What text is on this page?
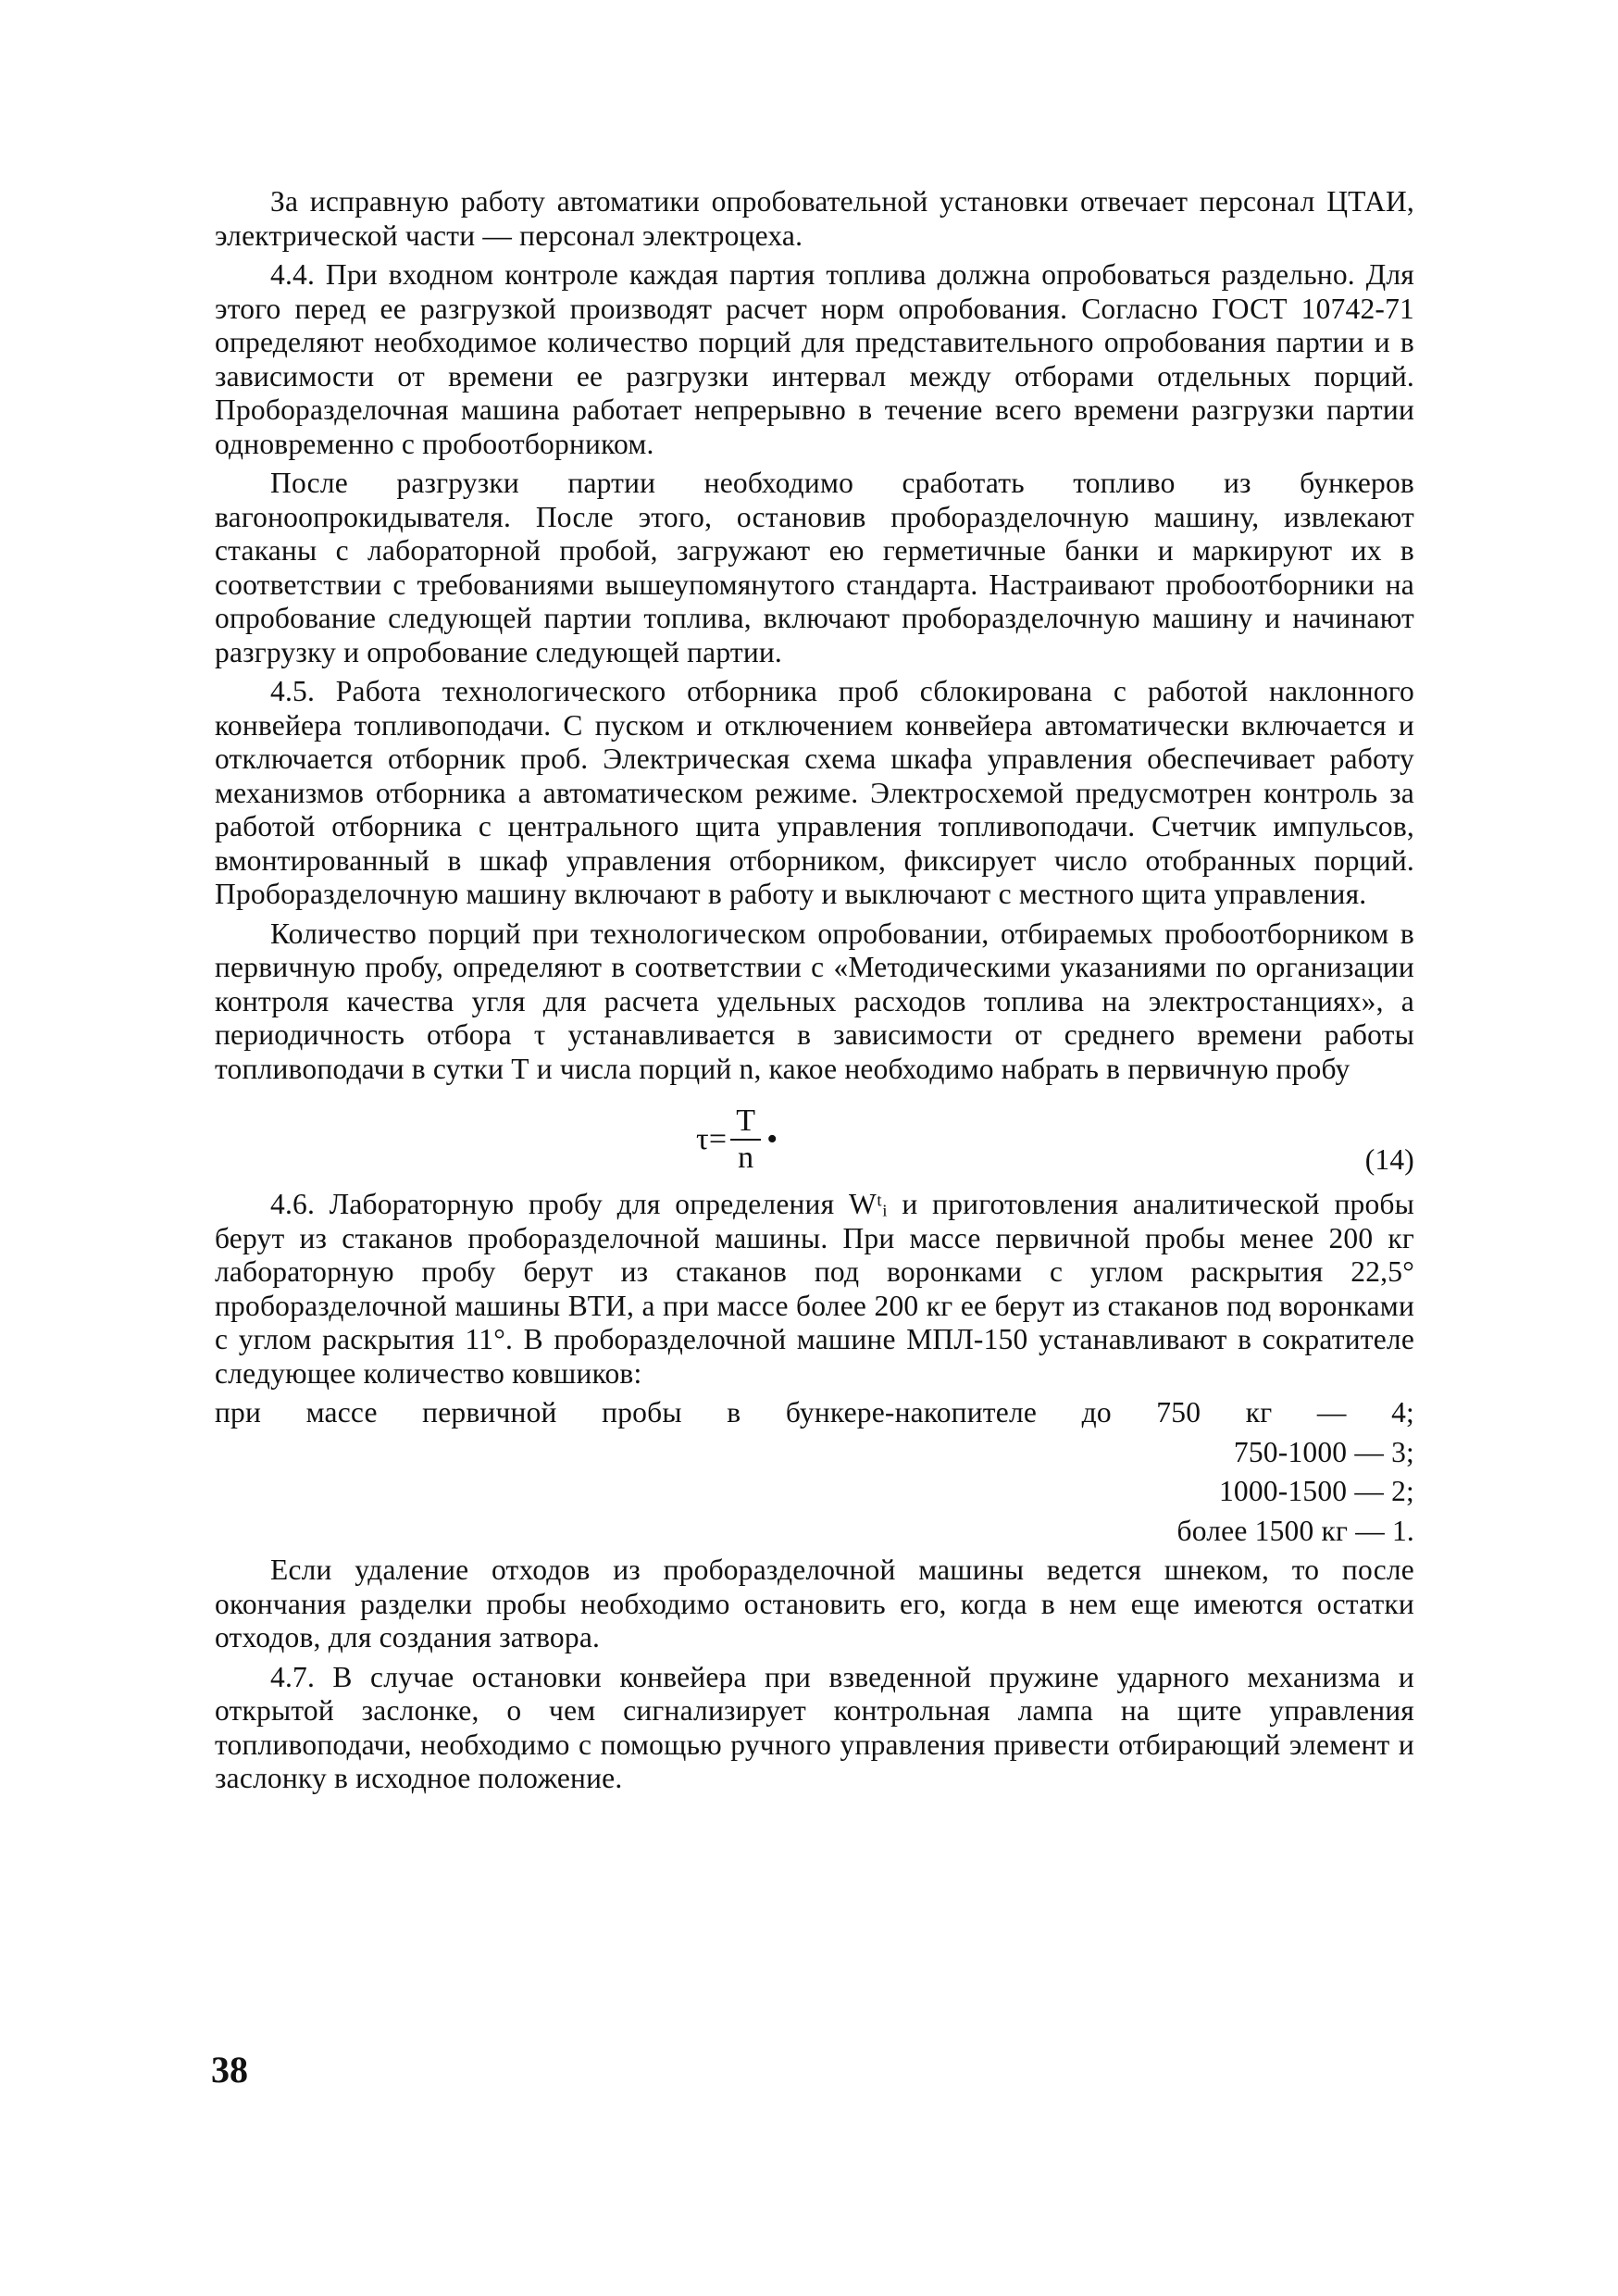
За исправную работу автоматики опробовательной установки отвечает персонал ЦТАИ, электрической части — персонал электроцеха.

4.4. При входном контроле каждая партия топлива должна опробоваться раздельно. Для этого перед ее разгрузкой производят расчет норм опробования. Согласно ГОСТ 10742-71 определяют необходимое количество порций для представительного опробования партии и в зависимости от времени ее разгрузки интервал между отборами отдельных порций. Проборазделочная машина работает непрерывно в течение всего времени разгрузки партии одновременно с пробоотборником.

После разгрузки партии необходимо сработать топливо из бункеров вагоноопрокидывателя. После этого, остановив проборазделочную машину, извлекают стаканы с лабораторной пробой, загружают ею герметичные банки и маркируют их в соответствии с требованиями вышеупомянутого стандарта. Настраивают пробоотборники на опробование следующей партии топлива, включают проборазделочную машину и начинают разгрузку и опробование следующей партии.

4.5. Работа технологического отборника проб сблокирована с работой наклонного конвейера топливоподачи. С пуском и отключением конвейера автоматически включается и отключается отборник проб. Электрическая схема шкафа управления обеспечивает работу механизмов отборника а автоматическом режиме. Электросхемой предусмотрен контроль за работой отборника с центрального щита управления топливоподачи. Счетчик импульсов, вмонтированный в шкаф управления отборником, фиксирует число отобранных порций. Проборазделочную машину включают в работу и выключают с местного щита управления.

Количество порций при технологическом опробовании, отбираемых пробоотборником в первичную пробу, определяют в соответствии с «Методическими указаниями по организации контроля качества угля для расчета удельных расходов топлива на электростанциях», а периодичность отбора τ устанавливается в зависимости от среднего времени работы топливоподачи в сутки Т и числа порций n, какое необходимо набрать в первичную пробу

$\tau= \frac{T}{n}$ •
(14)

4.6. Лабораторную пробу для определения Wᵗᵢ и приготовления аналитической пробы берут из стаканов проборазделочной машины. При массе первичной пробы менее 200 кг лабораторную пробу берут из стаканов под воронками с углом раскрытия 22,5° проборазделочной машины ВТИ, а при массе более 200 кг ее берут из стаканов под воронками с углом раскрытия 11°. В проборазделочной машине МПЛ-150 устанавливают в сократителе следующее количество ковшиков:

при массе первичной пробы в бункере-накопителе до 750 кг — 4;

750-1000 — 3;

1000-1500 — 2;

более 1500 кг — 1.

Если удаление отходов из проборазделочной машины ведется шнеком, то после окончания разделки пробы необходимо остановить его, когда в нем еще имеются остатки отходов, для создания затвора.

4.7. В случае остановки конвейера при взведенной пружине ударного механизма и открытой заслонке, о чем сигнализирует контрольная лампа на щите управления топливоподачи, необходимо с помощью ручного управления привести отбирающий элемент и заслонку в исходное положение.

38
